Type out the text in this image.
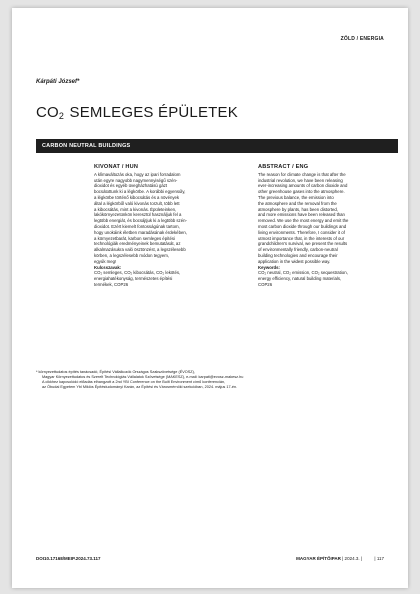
ZÖLD / ENERGIA
Kárpáti József*
$CO_2$ SEMLEGES ÉPÜLETEK
CARBON NEUTRAL BUILDINGS
KIVONAT / HUN

A klímaváltozás oka, hogy az ipari forradalom
után egyre nagyobb nagymennyiségű szén-
dioxidot és egyéb üvegházhatású gázt
bocsátottunk ki a légkörbe. A korábbi egyensúly,
a légkörbe történő kibocsátás és a növények
által a légkörből való kivonás torzult, több lett
a kibocsátás, mint a kivonás. Épületeinken,
lakókörnyezetünkön keresztül használjuk fel a
legtöbb energiát, és bocsájtjuk ki a legtöbb szén-
dioxidot. Ezért kiemelt fontosságúnak tartom,
hogy unokáink életben maradásának érdekében,
a környezetbarát, karbon semleges építési
technológiák eredményeinek bemutatását, az
alkalmazásukra való ösztönzést, a legszélesebb
körben, a legszélesebb módon tegyem,
egyúk meg!

Kulcsszavak:

CO₂ semleges, CO₂ kibocsátás, CO₂ lekötés,
energiahatékonyság, természetes építési
termékek, COP26

ABSTRACT / ENG

The reason for climate change is that after the
industrial revolution, we have been releasing
ever-increasing amounts of carbon dioxide and
other greenhouse gases into the atmosphere.
The previous balance, the emission into
the atmosphere and the removal from the
atmosphere by plants, has been distorted,
and more emissions have been released than
removed. We use the most energy and emit the
most carbon dioxide through our buildings and
living environments. Therefore, I consider it of
utmost importance that, in the interests of our
grandchildren's survival, we present the results
of environmentally friendly, carbon-neutral
building technologies and encourage their
application in the widest possible way.

Keywords:

CO₂ neutral, CO₂ emission, CO₂ sequestration,
energy efficiency, natural building materials,
COP26

* környezettudatos építés tanácsadó, Építési Vállalkozók Országos Szakszövetsége (ÉVOSZ),

Magyar Környezettudatos és Szerelt Technológiás Vállalatok Szövetsége (MAKESZ), e-mail: karpati@evosz-makesz.hu

A cikkhez kapcsolódó előadás elhangzott a 2nd YBI Conference on the Built Environment című konferencián,

az Óbudai Egyetem Ybl Miklós Építéstudományi Karán, az Építési és Városmérnöki szekcióban, 2024. május 17-én.

DOI10.17168/MEIP.2024.73.117	MAGYAR ÉPÍTŐIPAR | 2024.3. |	| 117
